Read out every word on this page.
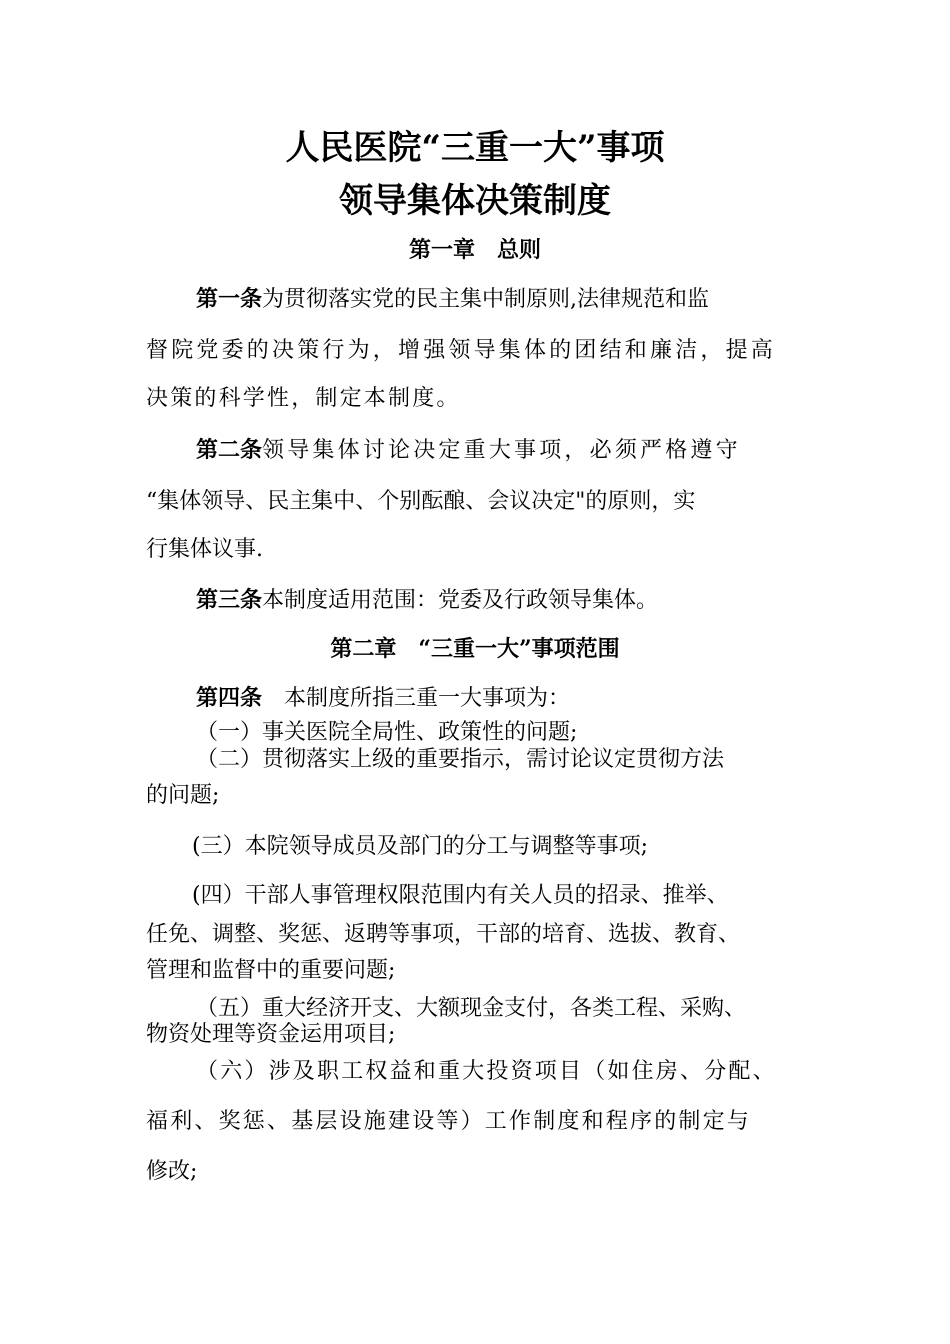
人民医院“三重一大”事项
领导集体决策制度
第一章　总则
第一条为贯彻落实党的民主集中制原则,法律规范和监
督院党委的决策行为，增强领导集体的团结和廉洁，提高
决策的科学性，制定本制度。
第二条领导集体讨论决定重大事项，必须严格遵守
“集体领导、民主集中、个别酝酿、会议决定"的原则，实
行集体议事.
第三条本制度适用范围：党委及行政领导集体。
第二章　“三重一大”事项范围
第四条　本制度所指三重一大事项为：
（一）事关医院全局性、政策性的问题;
（二）贯彻落实上级的重要指示，需讨论议定贯彻方法
的问题;
(三）本院领导成员及部门的分工与调整等事项;
(四）干部人事管理权限范围内有关人员的招录、推举、
任免、调整、奖惩、返聘等事项，干部的培育、选拔、教育、
管理和监督中的重要问题;
（五）重大经济开支、大额现金支付，各类工程、采购、
物资处理等资金运用项目;
（六）涉及职工权益和重大投资项目（如住房、分配、
福利、奖惩、基层设施建设等）工作制度和程序的制定与
修改;
